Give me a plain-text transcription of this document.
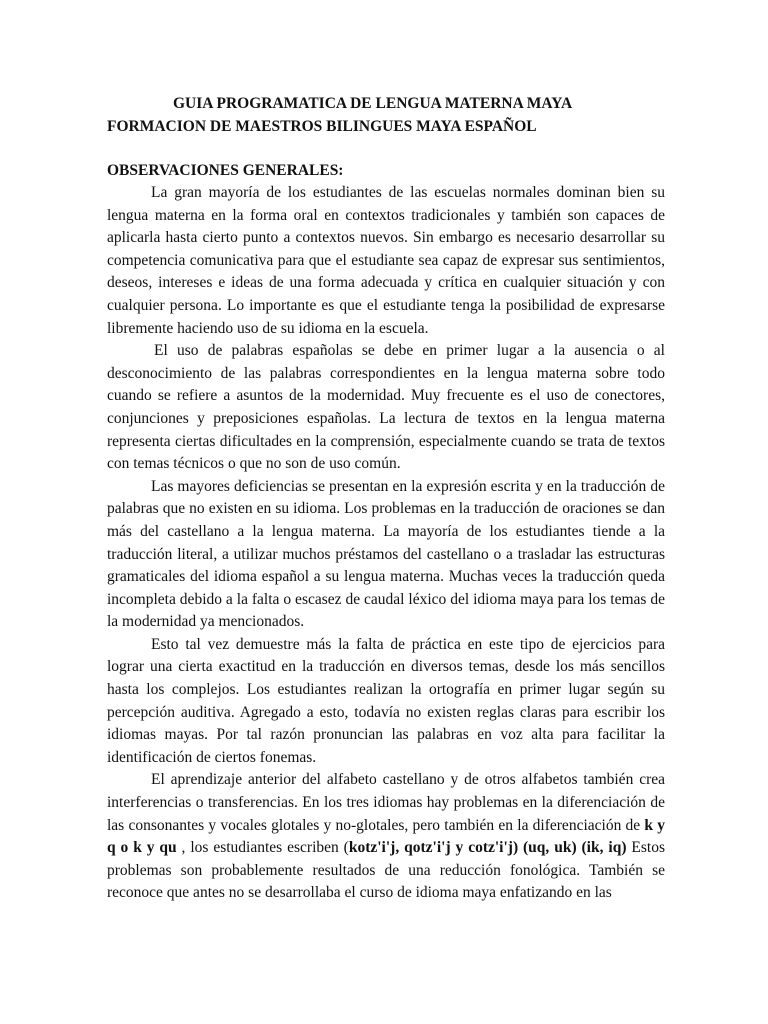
GUIA PROGRAMATICA DE LENGUA MATERNA MAYA
FORMACION DE MAESTROS BILINGUES MAYA ESPAÑOL
OBSERVACIONES GENERALES:

La gran mayoría de los estudiantes de las escuelas normales dominan bien su lengua materna en la forma oral en contextos tradicionales y también son capaces de aplicarla hasta cierto punto a contextos nuevos. Sin embargo es necesario desarrollar su competencia comunicativa para que el estudiante sea capaz de expresar sus sentimientos, deseos, intereses e ideas de una forma adecuada y crítica en cualquier situación y con cualquier persona. Lo importante es que el estudiante tenga la posibilidad de expresarse libremente haciendo uso de su idioma en la escuela.

El uso de palabras españolas se debe en primer lugar a la ausencia o al desconocimiento de las palabras correspondientes en la lengua materna sobre todo cuando se refiere a asuntos de la modernidad. Muy frecuente es el uso de conectores, conjunciones y preposiciones españolas. La lectura de textos en la lengua materna representa ciertas dificultades en la comprensión, especialmente cuando se trata de textos con temas técnicos o que no son de uso común.

Las mayores deficiencias se presentan en la expresión escrita y en la traducción de palabras que no existen en su idioma. Los problemas en la traducción de oraciones se dan más del castellano a la lengua materna. La mayoría de los estudiantes tiende a la traducción literal, a utilizar muchos préstamos del castellano o a trasladar las estructuras gramaticales del idioma español a su lengua materna. Muchas veces la traducción queda incompleta debido a la falta o escasez de caudal léxico del idioma maya para los temas de la modernidad ya mencionados.

Esto tal vez demuestre más la falta de práctica en este tipo de ejercicios para lograr una cierta exactitud en la traducción en diversos temas, desde los más sencillos hasta los complejos. Los estudiantes realizan la ortografía en primer lugar según su percepción auditiva. Agregado a esto, todavía no existen reglas claras para escribir los idiomas mayas. Por tal razón pronuncian las palabras en voz alta para facilitar la identificación de ciertos fonemas.

El aprendizaje anterior del alfabeto castellano y de otros alfabetos también crea interferencias o transferencias. En los tres idiomas hay problemas en la diferenciación de las consonantes y vocales glotales y no-glotales, pero también en la diferenciación de k y q o k y qu , los estudiantes escriben (kotz'i'j, qotz'i'j y cotz'i'j) (uq, uk) (ik, iq) Estos problemas son probablemente resultados de una reducción fonológica. También se reconoce que antes no se desarrollaba el curso de idioma maya enfatizando en las
